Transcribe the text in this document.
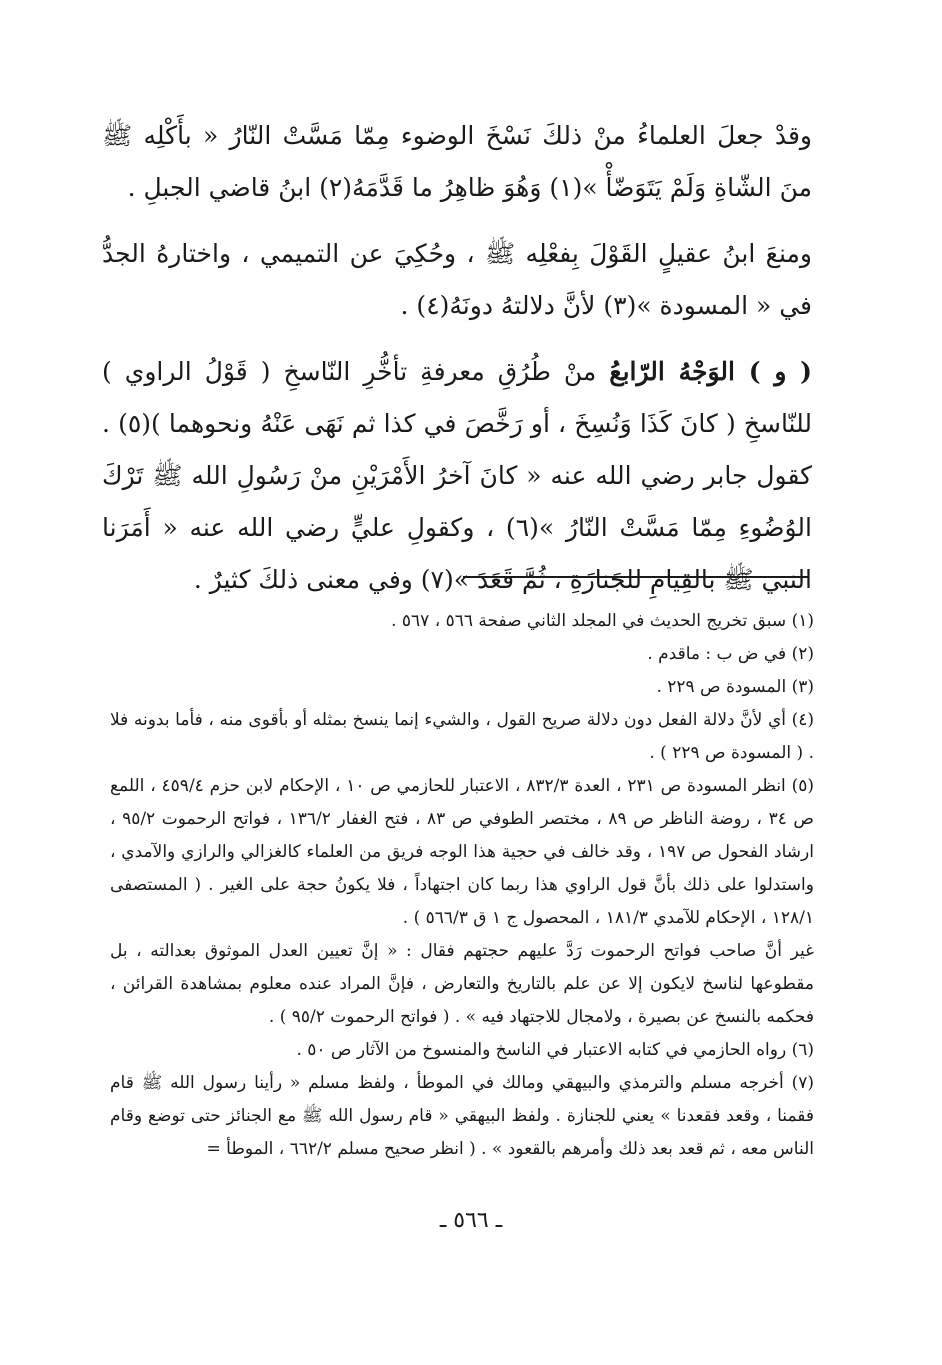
وقدْ جعلَ العلماءُ منْ ذلكَ نَسْخَ الوضوء مِمّا مَسَّتْ النّارُ « بأَكْلِه ﷺ منَ الشّاةِ وَلَمْ يَتَوَضّأْ »(١) وَهُوَ ظاهِرُ ما قَدَّمَهُ(٢) ابنُ قاضي الجبلِ .

ومنعَ ابنُ عقيلٍ القَوْلَ بِفعْلِه ﷺ ، وحُكِيَ عن التميمي ، واختارهُ الجدُّ في « المسودة »(٣) لأنَّ دلالتهُ دونَهُ(٤) .

( و ) الوَجْهُ الرّابعُ منْ طُرُقِ معرفةِ تأخُّرِ النّاسخِ ( قَوْلُ الراوي ) للنّاسخِ ( كانَ كَذَا وَنُسِخَ ، أو رَخَّصَ في كذا ثم نَهَى عَنْهُ ونحوهما )(٥) . كقول جابر رضي الله عنه « كانَ آخرُ الأَمْرَيْنِ منْ رَسُولِ الله ﷺ تَرْكَ الوُضُوءِ مِمّا مَسَّتْ النّارُ »(٦) ، وكقولِ عليٍّ رضي الله عنه « أَمَرَنا النبي ﷺ بالقِيامِ للجَنازَةِ ، ثُمَّ قَعَدَ »(٧) وفي معنى ذلكَ كثيرٌ .

(١) سبق تخريج الحديث في المجلد الثاني صفحة ٥٦٦ ، ٥٦٧ .

(٢) في ض ب : ماقدم .

(٣) المسودة ص ٢٢٩ .

(٤) أي لأنَّ دلالة الفعل دون دلالة صريح القول ، والشيء إنما ينسخ بمثله أو بأقوى منه ، فأما بدونه فلا . ( المسودة ص ٢٢٩ ) .

(٥) انظر المسودة ص ٢٣١ ، العدة ٨٣٢/٣ ، الاعتبار للحازمي ص ١٠ ، الإحكام لابن حزم ٤٥٩/٤ ، اللمع ص ٣٤ ، روضة الناظر ص ٨٩ ، مختصر الطوفي ص ٨٣ ، فتح الغفار ١٣٦/٢ ، فواتح الرحموت ٩٥/٢ ، ارشاد الفحول ص ١٩٧ ، وقد خالف في حجية هذا الوجه فريق من العلماء كالغزالي والرازي والآمدي ، واستدلوا على ذلك بأنَّ قول الراوي هذا ربما كان اجتهاداً ، فلا يكونُ حجة على الغير . ( المستصفى ١٢٨/١ ، الإحكام للآمدي ١٨١/٣ ، المحصول ج ١ ق ٥٦٦/٣ ) .

غير أنَّ صاحب فواتح الرحموت رَدَّ عليهم حجتهم فقال : « إنَّ تعيين العدل الموثوق بعدالته ، بل مقطوعها لناسخ لايكون إلا عن علم بالتاريخ والتعارض ، فإنَّ المراد عنده معلوم بمشاهدة القرائن ، فحكمه بالنسخ عن بصيرة ، ولامجال للاجتهاد فيه » . ( فواتح الرحموت ٩٥/٢ ) .

(٦) رواه الحازمي في كتابه الاعتبار في الناسخ والمنسوخ من الآثار ص ٥٠ .

(٧) أخرجه مسلم والترمذي والبيهقي ومالك في الموطأ ، ولفظ مسلم « رأينا رسول الله ﷺ قام فقمنا ، وقعد فقعدنا » يعني للجنازة . ولفظ البيهقي « قام رسول الله ﷺ مع الجنائز حتى توضع وقام الناس معه ، ثم قعد بعد ذلك وأمرهم بالقعود » . ( انظر صحيح مسلم ٦٦٢/٢ ، الموطأ =

ـ ٥٦٦ ـ
